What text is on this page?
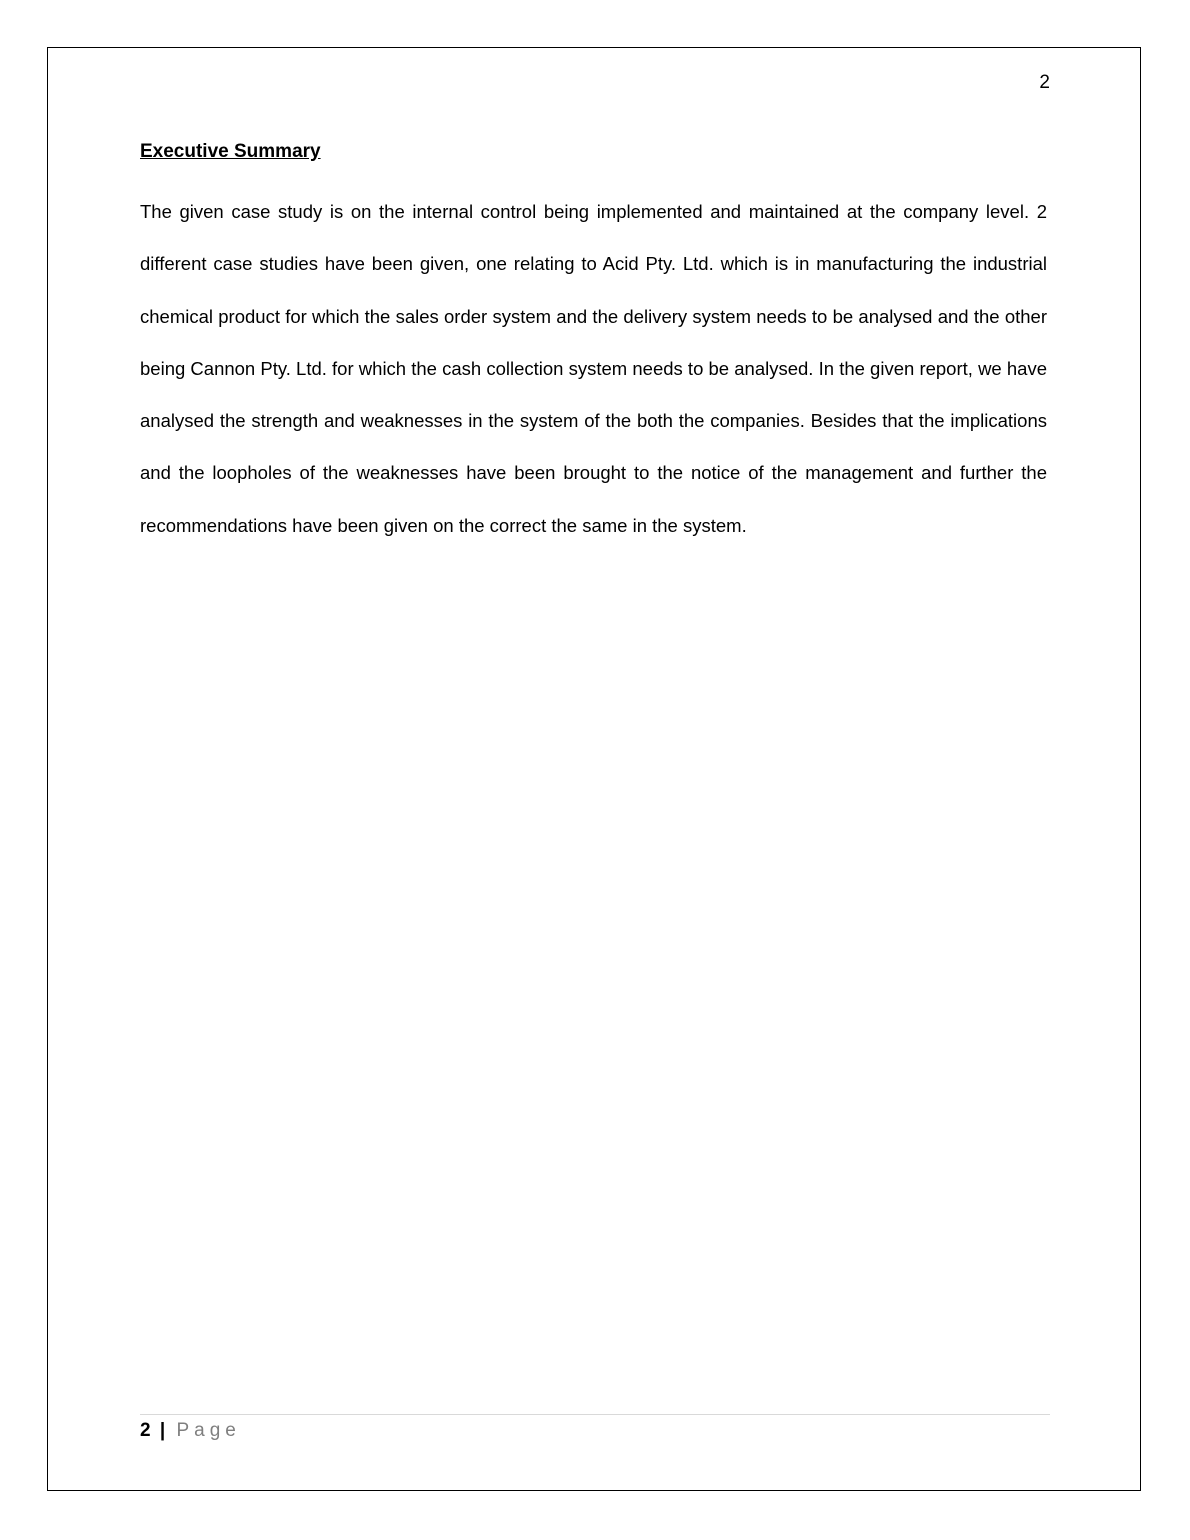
2
Executive Summary

The given case study is on the internal control being implemented and maintained at the company level. 2 different case studies have been given, one relating to Acid Pty. Ltd. which is in manufacturing the industrial chemical product for which the sales order system and the delivery system needs to be analysed and the other being Cannon Pty. Ltd. for which the cash collection system needs to be analysed. In the given report, we have analysed the strength and weaknesses in the system of the both the companies. Besides that the implications and the loopholes of the weaknesses have been brought to the notice of the management and further the recommendations have been given on the correct the same in the system.

2 | Page
